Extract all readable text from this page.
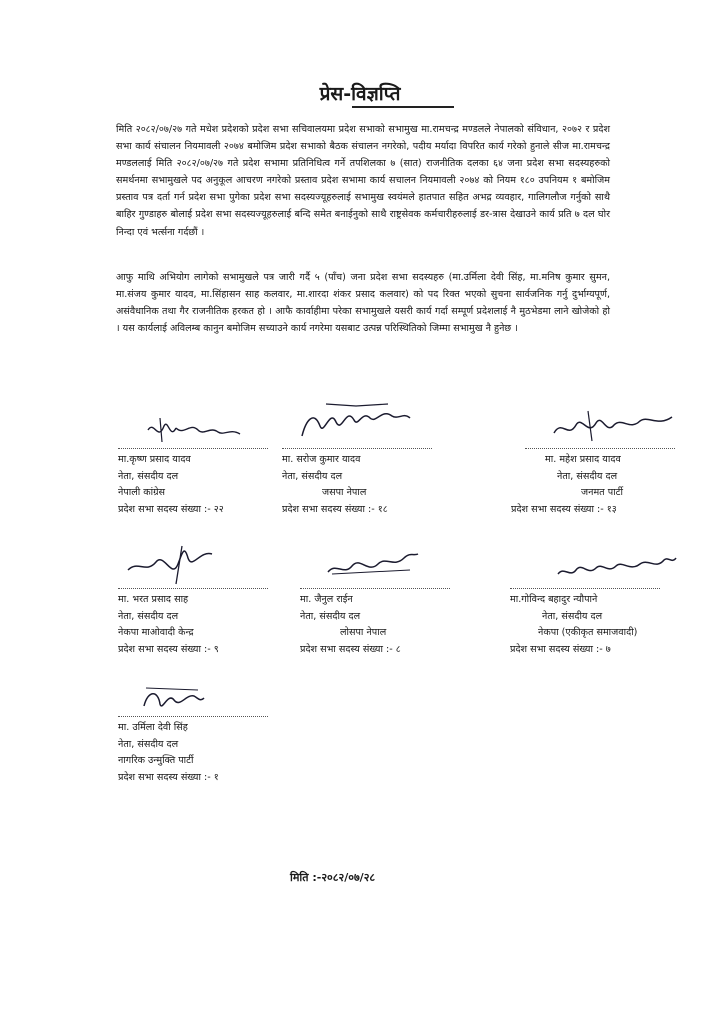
प्रेस-विज्ञप्ति
मिति २०८२/०७/२७ गते मधेश प्रदेशको प्रदेश सभा सचिवालयमा प्रदेश सभाको सभामुख मा.रामचन्द्र मण्डलले नेपालको संविधान, २०७२ र प्रदेश सभा कार्य संचालन नियमावली २०७४ बमोजिम प्रदेश सभाको बैठक संचालन नगरेको, पदीय मर्यादा विपरित कार्य गरेको हुनाले सीज मा.रामचन्द्र मण्डललाई मिति २०८२/०७/२७ गते प्रदेश सभामा प्रतिनिधित्व गर्ने तपशिलका ७ (सात) राजनीतिक दलका ६४ जना प्रदेश सभा सदस्यहरुको समर्थनमा सभामुखले पद अनुकूल आचरण नगरेको प्रस्ताव प्रदेश सभामा कार्य सचालन नियमावली २०७४ को नियम १८० उपनियम १ बमोजिम प्रस्ताव पत्र दर्ता गर्न प्रदेश सभा पुगेका प्रदेश सभा सदस्यज्यूहरुलाई सभामुख स्वयंमले हातपात सहित अभद्र व्यवहार, गालिगलौज गर्नुको साथै बाहिर गुण्डाहरु बोलाई प्रदेश सभा सदस्यज्यूहरुलाई बन्दि समेत बनाईनुको साथै राष्ट्रसेवक कर्मचारीहरुलाई डर-त्रास देखाउने कार्य प्रति ७ दल घोर निन्दा एवं भर्त्सना गर्दछौं ।
आफु माथि अभियोग लागेको सभामुखले पत्र जारी गर्दै ५ (पाँच) जना प्रदेश सभा सदस्यहरु (मा.उर्मिला देवी सिंह, मा.मनिष कुमार सुमन, मा.संजय कुमार यादव, मा.सिंहासन साह कलवार, मा.शारदा शंकर प्रसाद कलवार) को पद रिक्त भएको सुचना सार्वजनिक गर्नु दुर्भाग्यपूर्ण, असंवैधानिक तथा गैर राजनीतिक हरकत हो । आफै कार्वाहीमा परेका सभामुखले यसरी कार्य गर्दा सम्पूर्ण प्रदेशलाई नै मुठभेडमा लाने खोजेको हो । यस कार्यलाई अविलम्ब कानुन बमोजिम सच्याउने कार्य नगरेमा यसबाट उत्पन्न परिस्थितिको जिम्मा सभामुख नै हुनेछ ।
मा.कृष्ण प्रसाद यादव
नेता, संसदीय दल
नेपाली कांग्रेस
प्रदेश सभा सदस्य संख्या :- २२
मा. सरोज कुमार यादव
नेता, संसदीय दल
जसपा नेपाल
प्रदेश सभा सदस्य संख्या :- १८
मा. महेश प्रसाद यादव
नेता, संसदीय दल
जनमत पार्टी
प्रदेश सभा सदस्य संख्या :- १३
मा. भरत प्रसाद साह
नेता, संसदीय दल
नेकपा माओवादी केन्द्र
प्रदेश सभा सदस्य संख्या :- ९
मा. जैनुल राईन
नेता, संसदीय दल
लोसपा नेपाल
प्रदेश सभा सदस्य संख्या :- ८
मा.गोविन्द बहादुर न्यौपाने
नेता, संसदीय दल
नेकपा (एकीकृत समाजवादी)
प्रदेश सभा सदस्य संख्या :- ७
मा. उर्मिला देवी सिंह
नेता, संसदीय दल
नागरिक उन्मुक्ति पार्टी
प्रदेश सभा सदस्य संख्या :- १
मिति :-२०८२/०७/२८
